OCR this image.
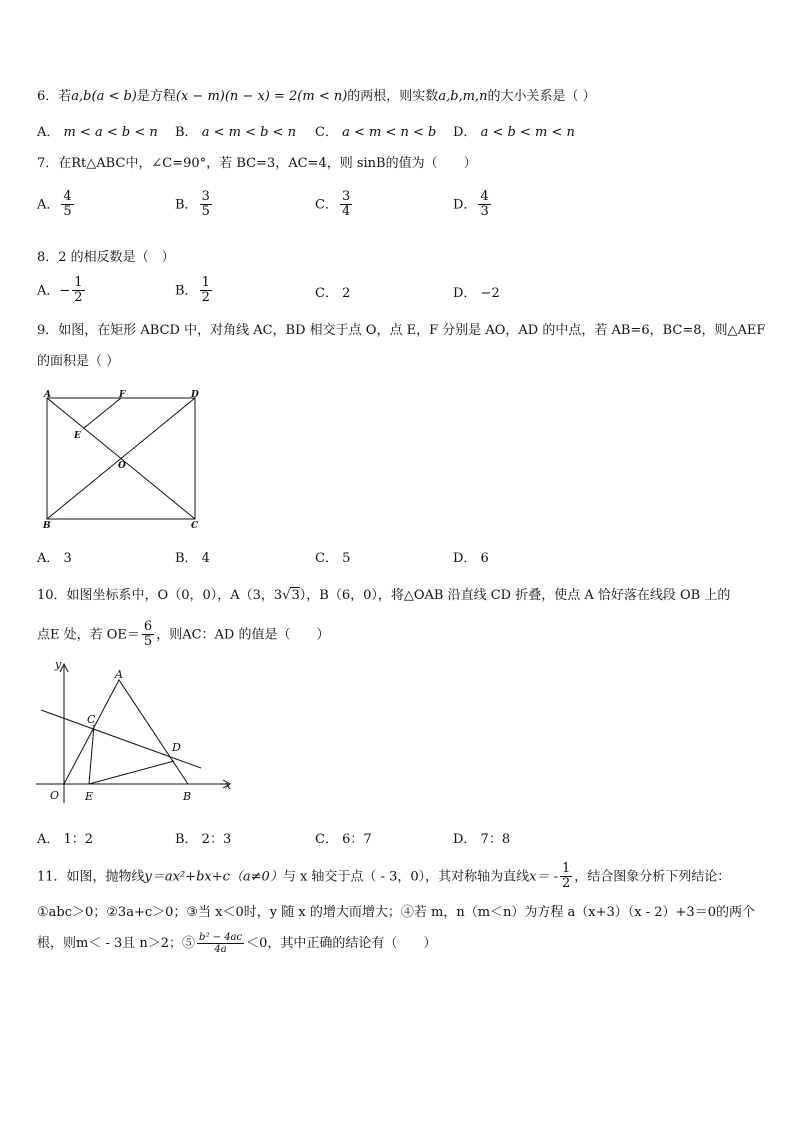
6．若a,b(a < b)是方程(x − m)(n − x) = 2(m < n)的两根，则实数a,b,m,n的大小关系是（ ）
A． m < a < b < n B． a < m < b < n C． a < m < n < b D． a < b < m < n
7．在Rt△ABC中，∠C=90°，若 BC=3，AC=4，则 sinB的值为（　　）
A． $\frac{4}{5}$	B． $\frac{3}{5}$	C． $\frac{3}{4}$	D． $\frac{4}{3}$
8．2 的相反数是（　）
A．− $\frac{1}{2}$	B． $\frac{1}{2}$	C． 2	D． −2
9．如图，在矩形 ABCD 中，对角线 AC，BD 相交于点 O，点 E，F 分别是 AO，AD 的中点，若 AB=6，BC=8，则△AEF
的面积是（ ）
A	F	D
E
O
B	C
A． 3	B． 4	C． 5	D． 6
10．如图坐标系中，O（0，0），A（3，3√3），B（6，0），将△OAB 沿直线 CD 折叠，使点 A 恰好落在线段 OB 上的
点E 处，若 $OE= \frac{6}{5}$ ，则AC：AD 的值是（　　）
y
x
A
C
D
O E	B
A． 1：2	B． 2：3	C． 6：7	D． 7：8
11．如图，抛物线y＝ax²+bx+c（a≠0）与 x 轴交于点（ - 3，0），其对称轴为直线$x= - \frac{1}{2}$ ，结合图象分析下列结论：
①abc＞0；②3a+c＞0；③当 x＜0时，y 随 x 的增大而增大；④若 m，n（m＜n）为方程 a（x+3）（x - 2）+3＝0的两个
根，则m＜ - 3且 n＞2；⑤ $\frac{\text{b² − 4ac}}{4a} <0$，其中正确的结论有（　　）
